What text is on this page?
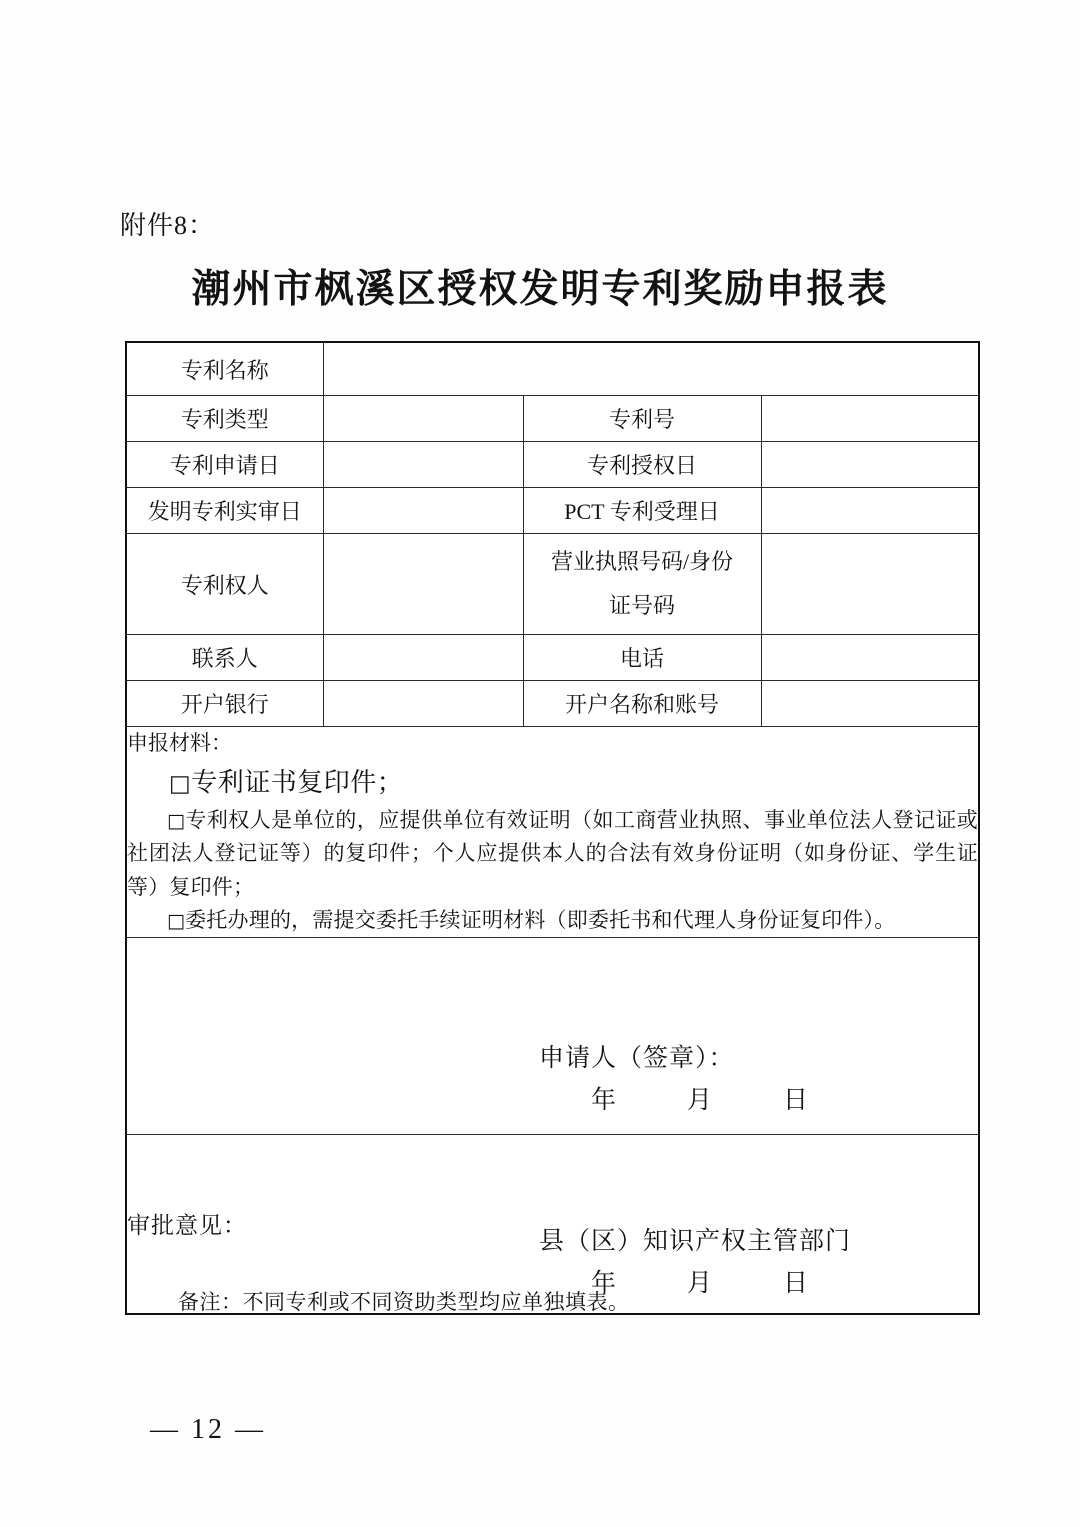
附件8：
潮州市枫溪区授权发明专利奖励申报表
专利名称			
专利类型		专利号	
专利申请日		专利授权日	
发明专利实审日		PCT 专利受理日	
专利权人		营业执照号码/身份
证号码	

联系人		电话	
开户银行		开户名称和账号	

申报材料：
□专利证书复印件；
□专利权人是单位的，应提供单位有效证明（如工商营业执照、事业单位法人登记证或社团法人登记证等）的复印件；个人应提供本人的合法有效身份证明（如身份证、学生证等）复印件；
□委托办理的，需提交委托手续证明材料（即委托书和代理人身份证复印件）。			

申请人（签章）：
年 月 日			

审批意见：
县（区）知识产权主管部门
年 月 日			
备注：不同专利或不同资助类型均应单独填表。
— 12 —
